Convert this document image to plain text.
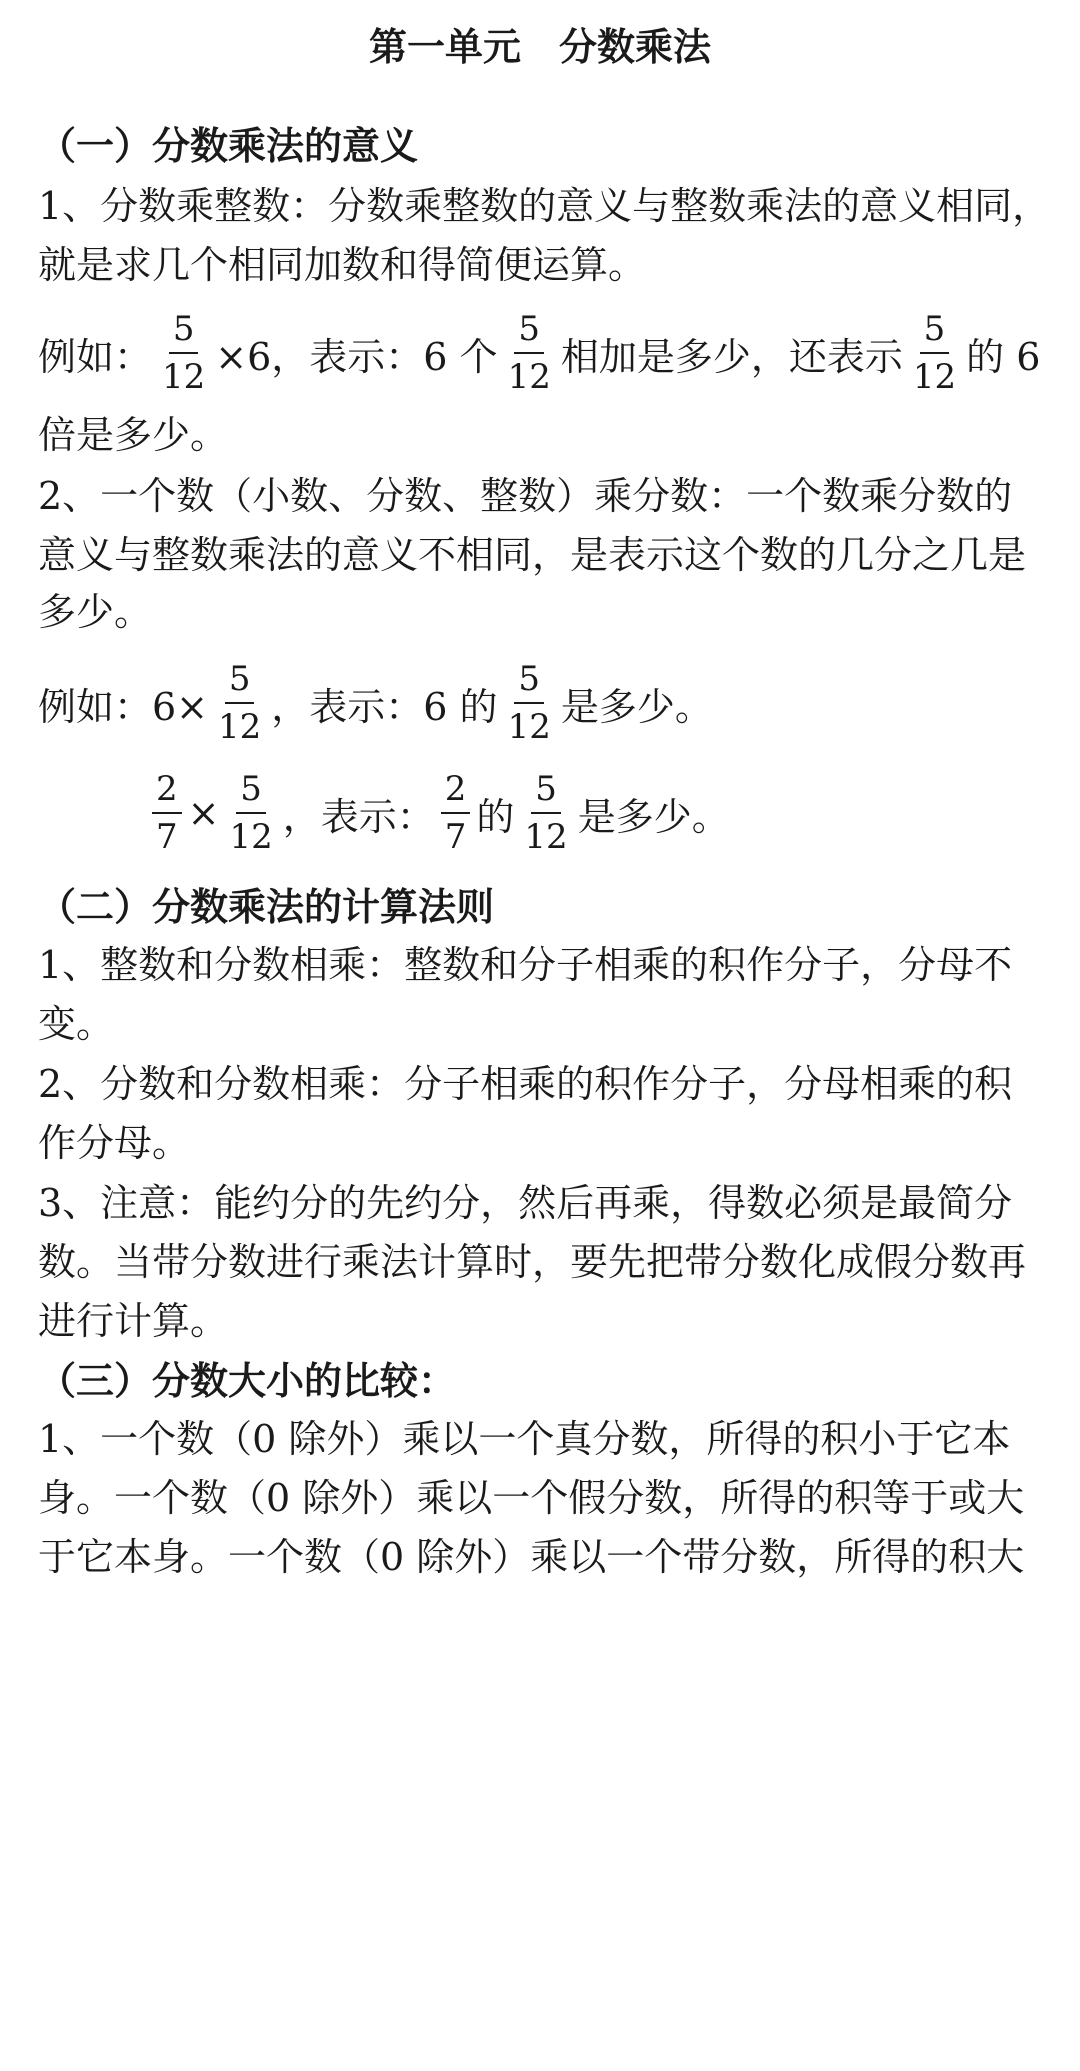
第一单元　分数乘法
（一）分数乘法的意义
1、分数乘整数：分数乘整数的意义与整数乘法的意义相同，
就是求几个相同加数和得简便运算。
例如： $\frac{5}{12} \times 6$，表示：6 个 $\frac{5}{12}$ 相加是多少，还表示 $\frac{5}{12}$ 的 6
倍是多少。
2、一个数（小数、分数、整数）乘分数：一个数乘分数的
意义与整数乘法的意义不相同，是表示这个数的几分之几是
多少。
例如：$6\times \frac{5}{12}$ ，表示：6 的 $\frac{5}{12}$ 是多少。
$\frac{2}{7} \times \frac{5}{12}$ ，表示： $\frac{2}{7}$ 的 $\frac{5}{12}$ 是多少。
（二）分数乘法的计算法则
1、整数和分数相乘：整数和分子相乘的积作分子，分母不
变。
2、分数和分数相乘：分子相乘的积作分子，分母相乘的积
作分母。
3、注意：能约分的先约分，然后再乘，得数必须是最简分
数。当带分数进行乘法计算时，要先把带分数化成假分数再
进行计算。
（三）分数大小的比较：
1、一个数（0 除外）乘以一个真分数，所得的积小于它本
身。一个数（0 除外）乘以一个假分数，所得的积等于或大
于它本身。一个数（0 除外）乘以一个带分数，所得的积大
